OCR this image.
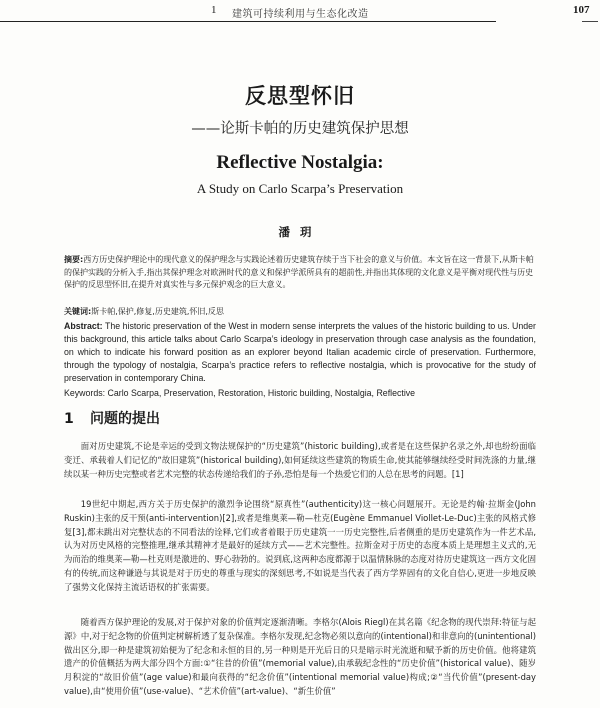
1 建筑可持续利用与生态化改造	107
反思型怀旧
——论斯卡帕的历史建筑保护思想
Reflective Nostalgia:
A Study on Carlo Scarpa’s Preservation
潘玥
摘要:西方历史保护理论中的现代意义的保护理念与实践论述着历史建筑存续于当下社会的意义与价值。本文旨在这一背景下,从斯卡帕的保护实践的分析入手,指出其保护理念对欧洲时代的意义和保护学派所具有的超前性,并指出其体现的文化意义是平衡对现代性与历史保护的反思型怀旧,在提升对真实性与多元保护观念的巨大意义。
关键词:斯卡帕,保护,修复,历史建筑,怀旧,反思
Abstract: The historic preservation of the West in modern sense interprets the values of the historic building to us. Under this background, this article talks about Carlo Scarpa’s ideology in preservation through case analysis as the foundation, on which to indicate his forward position as an explorer beyond Italian academic circle of preservation. Furthermore, through the typology of nostalgia, Scarpa’s practice refers to reflective nostalgia, which is provocative for the study of preservation in contemporary China.
Keywords: Carlo Scarpa, Preservation, Restoration, Historic building, Nostalgia, Reflective
1 问题的提出

面对历史建筑,不论是幸运的受到文物法规保护的“历史建筑”(historic building),或者是在这些保护名录之外,却也纷纷面临变迁、承载着人们记忆的“故旧建筑”(historical building),如何延续这些建筑的物质生命,使其能够继续经受时间洗涤的力量,继续以某一种历史完整或者艺术完整的状态传递给我们的子孙,恐怕是每一个热爱它们的人总在思考的问题。[1]

19世纪中期起,西方关于历史保护的激烈争论围绕“原真性”(authenticity)这一核心问题展开。无论是约翰·拉斯金(John Ruskin)主张的反干预(anti-intervention)[2],或者是维奥莱—勒—杜克(Eugène Emmanuel Viollet-Le-Duc)主张的风格式修复[3],都未跳出对完整状态的不同看法的诠释,它们或者着眼于历史建筑一一历史完整性,后者侧重的是历史建筑作为一件艺术品,认为对历史风格的完整推理,继承其精神才是最好的延续方式——艺术完整性。拉斯金对于历史的态度本质上是理想主义式的,无为而治的维奥莱—勒—杜克则是激进的、野心勃勃的。说到底,这两种态度都源于以温情脉脉的态度对待历史建筑这一西方文化固有的传统,而这种谦逊与其说是对于历史的尊重与现实的深刻思考,不如说是当代表了西方学界固有的文化自信心,更进一步地反映了强势文化保持主流话语权的扩张需要。

随着西方保护理论的发展,对于保护对象的价值判定逐渐清晰。李格尔(Alois Riegl)在其名篇《纪念物的现代崇拜:特征与起源》中,对于纪念物的价值判定树解析透了复杂保准。李格尔发现,纪念物必须以意向的(intentional)和非意向的(unintentional)做出区分,即一种是建筑初始便为了纪念和永恒的目的,另一种则是开光后日的只是暗示时光流逝和赋予新的历史价值。他将建筑遗产的价值概括为两大部分四个方面:①“往昔的价值”(memorial value),由承载纪念性的“历史价值”(historical value)、随岁月积淀的“故旧价值”(age value)和最向获得的“纪念价值”(intentional memorial value)构成;②“当代价值”(present-day value),由“使用价值”(use-value)、“艺术价值”(art-value)、“新生价值”
